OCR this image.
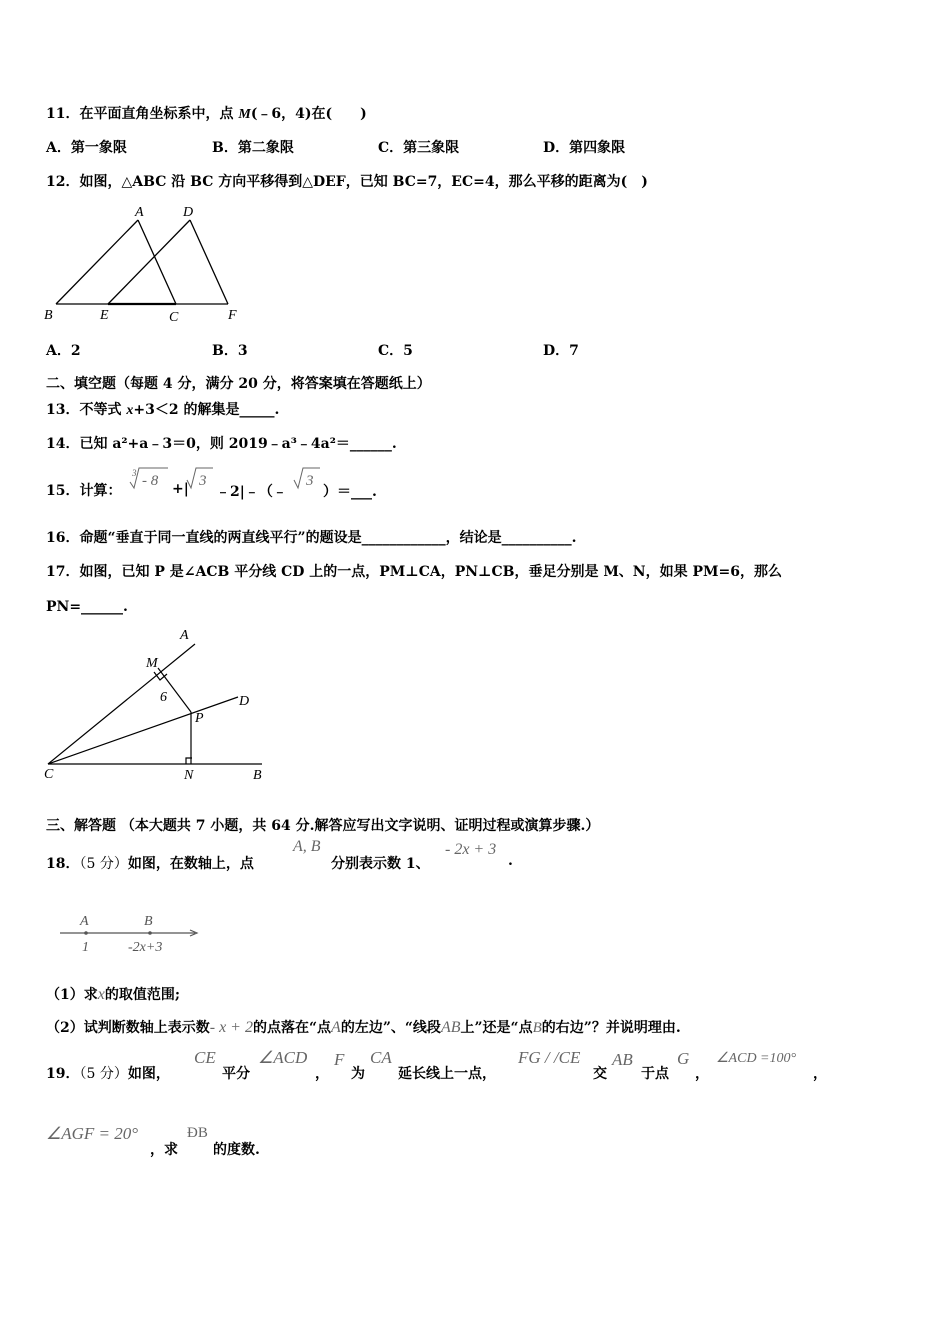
11．在平面直角坐标系中，点 M(﹣6，4)在(　　)
A．第一象限	B．第二象限	C．第三象限	D．第四象限
12．如图，△ABC 沿 BC 方向平移得到△DEF，已知 BC=7，EC=4，那么平移的距离为(　)
A	D
B	E	C	F
A．2	B．3	C．5	D．7
二、填空题（每题 4 分，满分 20 分，将答案填在答题纸上）
13．不等式 x+3＜2 的解集是_____.
14．已知 a²+a﹣3＝0，则 2019﹣a³﹣4a²＝______.
15．计算：
3 - 8 +| 3
﹣2|﹣（﹣
3
）＝___.
16．命题“垂直于同一直线的两直线平行”的题设是____________，结论是__________.
17．如图，已知 P 是∠ACB 平分线 CD 上的一点，PM⊥CA，PN⊥CB，垂足分别是 M、N，如果 PM=6，那么
PN=______.
A
M
6	D
P
C	N	B
三、解答题 （本大题共 7 小题，共 64 分.解答应写出文字说明、证明过程或演算步骤.）
18．（5 分）如图，在数轴上，点
A, B
分别表示数 1、
- 2x + 3
.
A	B
1	-2x+3
（1）求x的取值范围;
（2）试判断数轴上表示数- x + 2的点落在“点A的左边”、“线段AB上”还是“点B的右边”？并说明理由.
19．（5 分）如图，
CE
平分
∠ACD
，
F
为
CA
延长线上一点，
FG / /CE
交
AB
于点
G
，
∠ACD =100°
，
∠AGF = 20°
，求
ÐB
的度数.
